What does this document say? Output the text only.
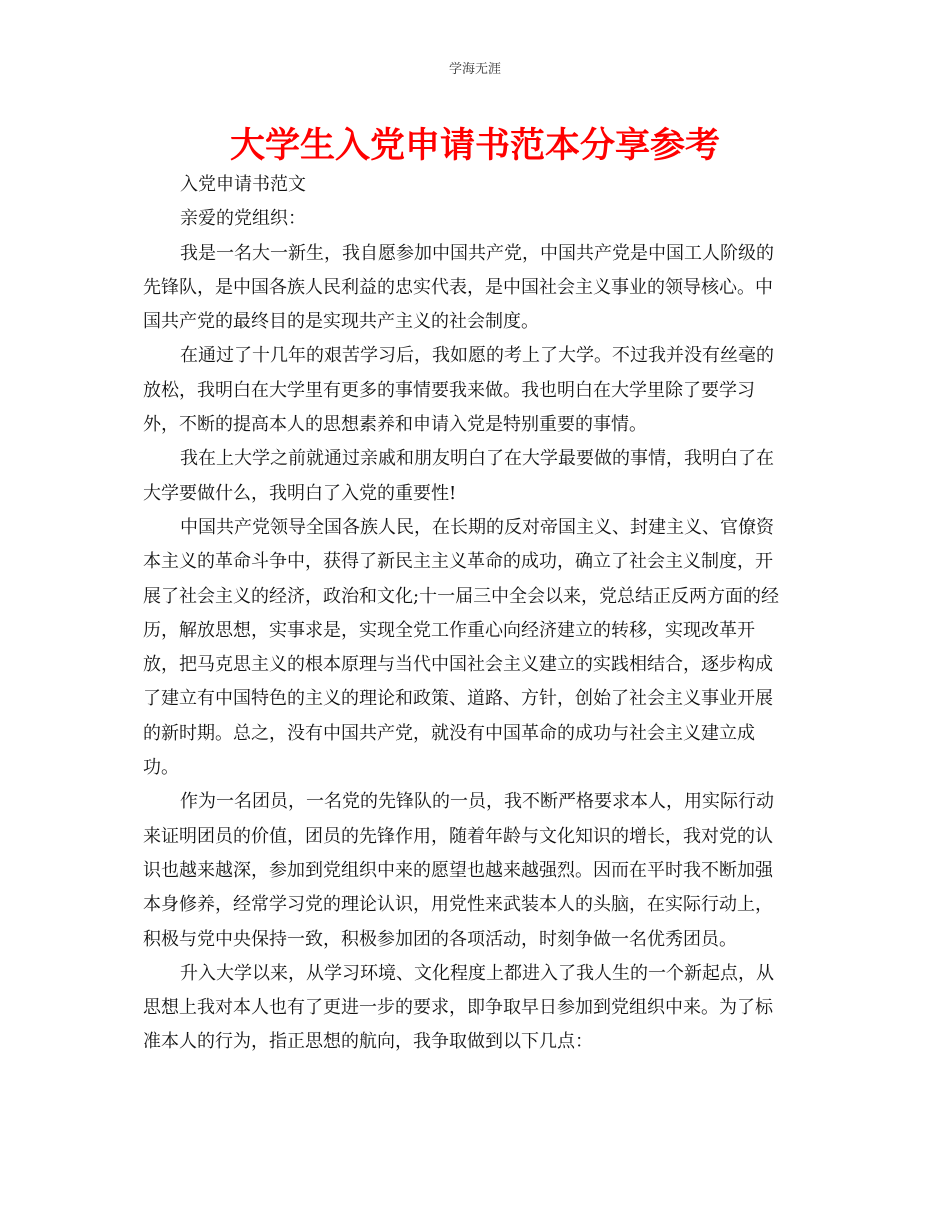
学海无涯
大学生入党申请书范本分享参考
入党申请书范文
亲爱的党组织：
我是一名大一新生，我自愿参加中国共产党，中国共产党是中国工人阶级的
先锋队，是中国各族人民利益的忠实代表，是中国社会主义事业的领导核心。中
国共产党的最终目的是实现共产主义的社会制度。
在通过了十几年的艰苦学习后，我如愿的考上了大学。不过我并没有丝毫的
放松，我明白在大学里有更多的事情要我来做。我也明白在大学里除了要学习
外，不断的提高本人的思想素养和申请入党是特别重要的事情。
我在上大学之前就通过亲戚和朋友明白了在大学最要做的事情，我明白了在
大学要做什么，我明白了入党的重要性!
中国共产党领导全国各族人民，在长期的反对帝国主义、封建主义、官僚资
本主义的革命斗争中，获得了新民主主义革命的成功，确立了社会主义制度，开
展了社会主义的经济，政治和文化;十一届三中全会以来，党总结正反两方面的经
历，解放思想，实事求是，实现全党工作重心向经济建立的转移，实现改革开
放，把马克思主义的根本原理与当代中国社会主义建立的实践相结合，逐步构成
了建立有中国特色的主义的理论和政策、道路、方针，创始了社会主义事业开展
的新时期。总之，没有中国共产党，就没有中国革命的成功与社会主义建立成
功。
作为一名团员，一名党的先锋队的一员，我不断严格要求本人，用实际行动
来证明团员的价值，团员的先锋作用，随着年龄与文化知识的增长，我对党的认
识也越来越深，参加到党组织中来的愿望也越来越强烈。因而在平时我不断加强
本身修养，经常学习党的理论认识，用党性来武装本人的头脑，在实际行动上，
积极与党中央保持一致，积极参加团的各项活动，时刻争做一名优秀团员。
升入大学以来，从学习环境、文化程度上都进入了我人生的一个新起点，从
思想上我对本人也有了更进一步的要求，即争取早日参加到党组织中来。为了标
准本人的行为，指正思想的航向，我争取做到以下几点：
